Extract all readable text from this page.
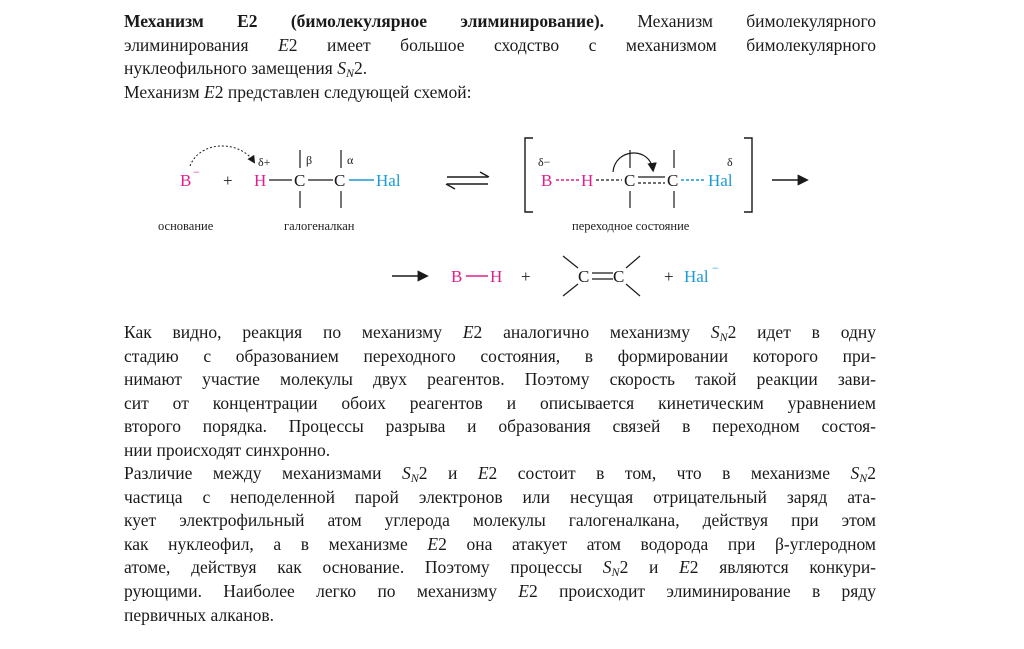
Механизм E2 (бимолекулярное элиминирование). Механизм бимолекулярного
элиминирования E2 имеет большое сходство с механизмом бимолекулярного
нуклеофильного замещения $S_N2$.
Механизм E2 представлен следующей схемой:

B − + H
δ+
C
β
C
α
Hal
основание	галогеналкан
δ−
B H C C Hal
δ
переходное состояние
B H +	C C + Hal −

Как видно, реакция по механизму E2 аналогично механизму $S_N2$ идет в одну
стадию с образованием переходного состояния, в формировании которого при-
нимают участие молекулы двух реагентов. Поэтому скорость такой реакции зави-
сит от концентрации обоих реагентов и описывается кинетическим уравнением
второго порядка. Процессы разрыва и образования связей в переходном состоя-
нии происходят синхронно.

Различие между механизмами $S_N2$ и E2 состоит в том, что в механизме $S_N2$
частица с неподеленной парой электронов или несущая отрицательный заряд ата-
кует электрофильный атом углерода молекулы галогеналкана, действуя при этом
как нуклеофил, а в механизме E2 она атакует атом водорода при β-углеродном
атоме, действуя как основание. Поэтому процессы $S_N2$ и E2 являются конкури-
рующими. Наиболее легко по механизму E2 происходит элиминирование в ряду
первичных алканов.
